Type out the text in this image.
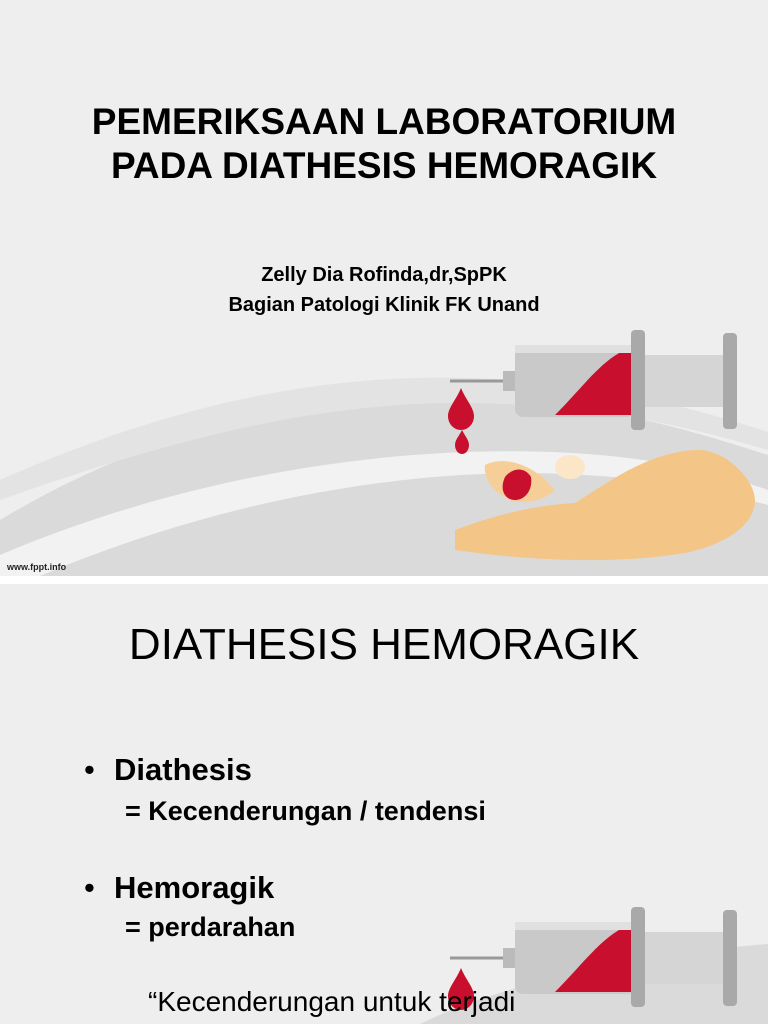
PEMERIKSAAN LABORATORIUM
PADA DIATHESIS HEMORAGIK
Zelly Dia Rofinda,dr,SpPK
Bagian Patologi Klinik FK Unand
www.fppt.info
DIATHESIS HEMORAGIK
• Diathesis
= Kecenderungan / tendensi
• Hemoragik
= perdarahan
“Kecenderungan untuk terjadi
